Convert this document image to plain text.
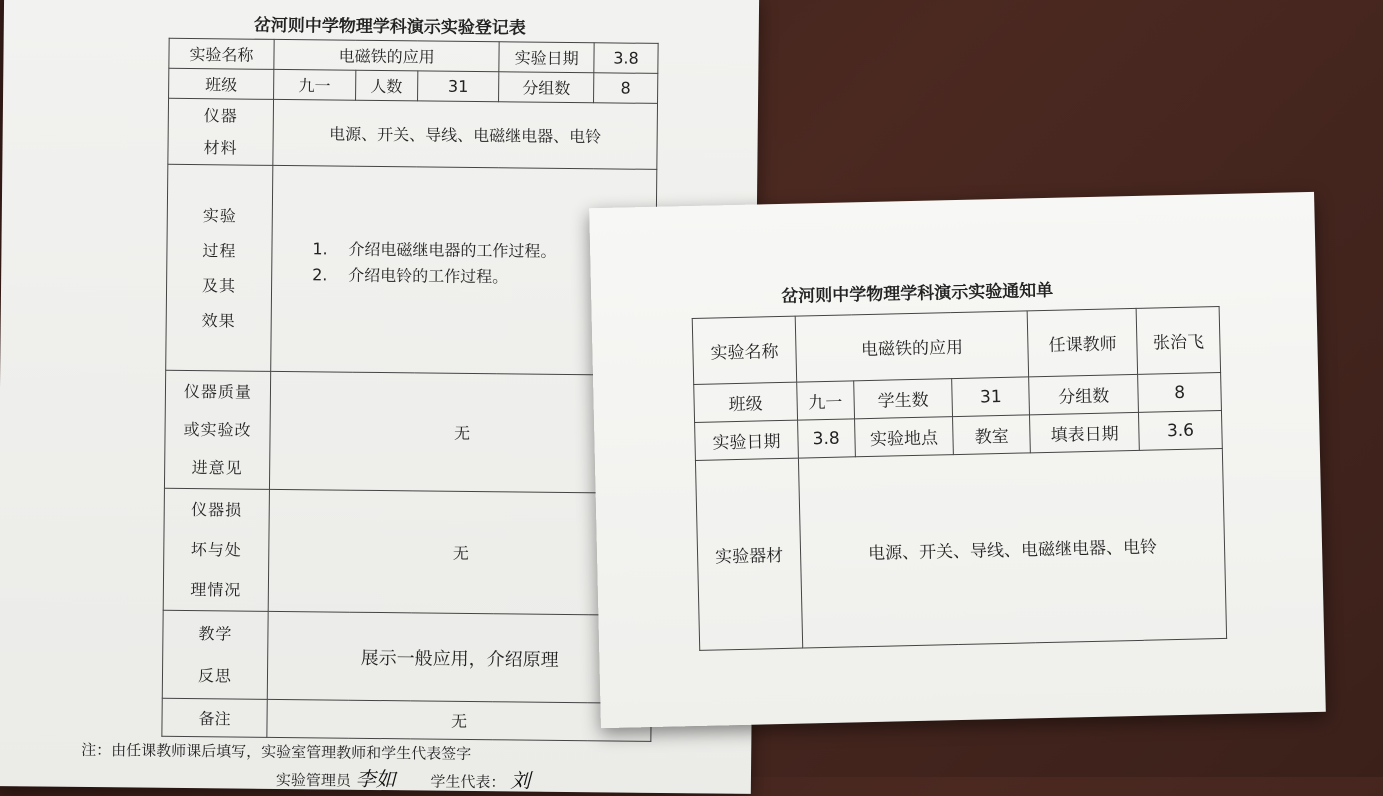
岔河则中学物理学科演示实验登记表
实验名称	电磁铁的应用			实验日期	3.8
班级	九一	人数	31	分组数	8

仪器材料	电源、开关、导线、电磁继电器、电铃				

实验过程及其效果	1. 介绍电磁继电器的工作过程。
2. 介绍电铃的工作过程。				

仪器质量或实验改进意见	无				

仪器损坏与处理情况	无				

教学反思	展示一般应用，介绍原理				
备注	无				
注：由任课教师课后填写，实验室管理教师和学生代表签字
实验管理员 李如 学生代表： 刘
岔河则中学物理学科演示实验通知单
实验名称	电磁铁的应用			任课教师	张治飞
班级	九一	学生数	31	分组数	8
实验日期	3.8	实验地点	教室	填表日期	3.6
实验器材	电源、开关、导线、电磁继电器、电铃				
